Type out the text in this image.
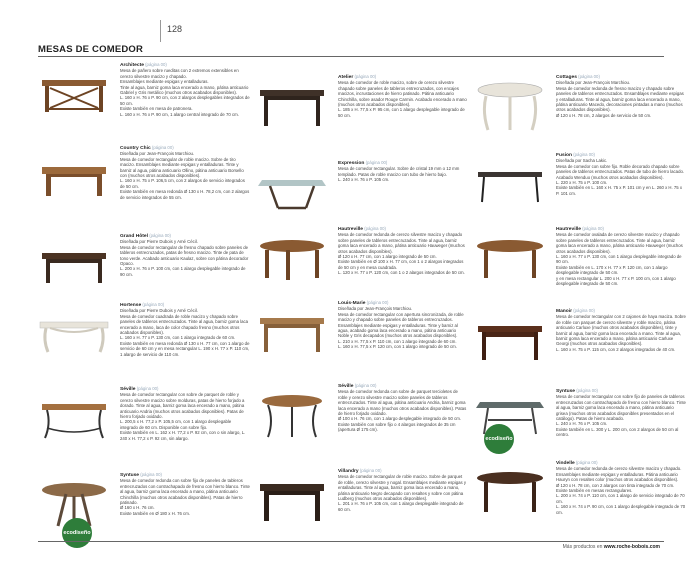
128
MESAS DE COMEDOR
Architecte (página 00)
Mesa de pañero sobre rueditas con 2 extremos extensibles en cerezo silvestre macizo y chapado.
Ensamblajes mediante espigas y entalladuras.
Tinte al agua, barniz goma laca encerado a mano, pátina anticuario Gabriel y Gris metálico (muchos otros acabados disponibles).
L. 160 x H. 76 x P. 90 cm, con 2 alargos desplegables integrados de 50 cm.
Existe también en mesa de patronera.
L. 160 x H. 76 x P. 90 cm, 1 alargo central integrado de 70 cm.
Country Chic (página 00)
Diseñada por Jean-François Marchiou.
Mesa de comedor rectangular de roble macizo. Sobre de tiro macizo. Ensamblajes mediante espigas y entalladuras. Tinte y barniz al agua, pátina anticuario Ollino, pátina anticuario Borsello con (muchos otros acabados disponibles).
L. 160 x H. 75 x P. 106,5 cm, con 2 alargos de servicio integrados de 50 cm.
Existe también en mesa redonda Ø 130 x H. 78,2 cm, con 2 alargos de servicio integrados de 55 cm.
Grand Hôtel (página 00)
Diseñada por Pierre Dubois y Amé Cécil.
Mesa de comedor rectangular de fresno chapado sobre paneles de tableros entrecruzados, patas de fresno macizo. Tinte de pata de tono verde. Acabado anticuario Kaulaz, sobre con pátina decorador Opaco.
L. 200 x H. 76 x P. 100 cm, con 1 alargo desplegable integrado de 90 cm.
Hortense (página 00)
Diseñada por Pierre Dubois y Amé Cécil.
Mesa de comedor cuadrada de roble macizo y chapado sobre paneles de tableros entrecruzados. Tinte al agua, barniz goma laca encerado a mano, laca de color chapado fresno (muchos otros acabados disponibles).
L. 160 x H. 77 x P. 130 cm, con 1 alargo integrado de 60 cm.
Existe también en mesa redonda Ø 130 x H. 77 cm, con 1 alargo de servicio de 60 cm y en mesa rectangular L. 190 x H. 77 x P. 110 cm, 1 alargo de servicio de 110 cm.
Séville (página 00)
Mesa de comedor rectangular con sobre de parquet de roble y cerezo silvestre macizo sobre molduras, patas de hierro forjado a dorado. Tinte al agua, barniz goma laca encerado a mano, pátina anticuario Andria (muchos otros acabados disponibles). Patas de hierro forjado oxidado.
L. 200,5 x H. 77,2 x P. 105,5 cm, con 1 alargo desplegable integrado de 60 cm. Disponible con sobre fijo.
Existe también en L. 162 x H. 77,2 x P. 92 cm, con o sin alargo, L. 240 x H. 77,2 x P. 92 cm, sin alargo.
Syntuse (página 00)
Mesa de comedor redonda con sobre fijo de paneles de tableros entrecruzados con contrachapado de fresno con hierro blanco. Tinte al agua, barniz goma laca encerado a mano, pátina anticuario Chinchilla (muchos otros acabados disponibles). Patas de hierro patinado.
Ø 160 x H. 76 cm.
Existe también en Ø 180 x H. 76 cm.
ecodiseño
Atelier (página 00)
Mesa de comedor de roble macizo, sobre de cerezo silvestre chapado sobre paneles de tableros entrecruzados, con encajes macizos, incrustaciones de hierro patinado. Pátina anticuario Chinchilla, sobre asador Rouge Carmin. Acabado encerado a mano (muchos otros acabados disponibles).
L. 185 x H. 77,5 x P. 95 cm, con 1 alargo desplegable integrado de 50 cm.
Expression (página 00)
Mesa de comedor rectangular. Sobre de cristal 19 mm o 12 mm templado. Patas de roble macizo con tubo de hierro bajo.
L. 240 x H. 76 x P. 105 cm.
Hautreville (página 00)
Mesa de comedor redonda de cerezo silvestre macizo y chapado sobre paneles de tableros entrecruzados. Tinte al agua, barniz goma laca encerado a mano, pátina anticuario Hauweger (muchos otros acabados disponibles).
Ø 120 x H. 77 cm, con 1 alargo integrado de 50 cm.
Existe también en Ø 100 x H. 77 cm, con 1 o 2 alargos integrados de 50 cm y en mesa cuadrada.
L. 120 x H. 77 x P. 120 cm, con 1 o 2 alargos integrados de 50 cm.
Louis-Marie (página 00)
Diseñada por Jean-François Marchiou.
Mesa de comedor rectangular con apertura sincronizada, de roble macizo y chapado sobre paneles de tableros entrecruzados. Ensamblajes mediante espigas y entalladuras. Tinte y barniz al agua, acabado goma laca encerado a mano, pátina anticuario Noble y Gris decapados (muchos otros acabados disponibles).
L. 210 x H. 77,5 x P. 110 cm, con 1 alargo integrado de 60 cm.
L. 160 x H. 77,5 x P. 120 cm, con 1 alargo integrado de 50 cm.
Séville (página 00)
Mesa de comedor redonda con sobre de parquet tercioletes de roble y cerezo silvestre macizo sobre paneles de tableros entrecruzados. Tinte al agua, pátina anticuario Andria, barniz goma laca encerado a mano (muchos otros acabados disponibles). Patas de hierro forjado oxidado.
Ø 100 x H. 76 cm, con 1 alargo desplegable integrado de 50 cm.
Existe también con sobre fijo o 4 alargos integrados de 35 cm (apertura Ø 175 cm).
Villandry (página 00)
Mesa de comedor rectangular de roble macizo. Sobre de parquet de roble, cerezo silvestre y nogal. Ensamblajes mediante espigas y entalladuras. Tinte al agua, barniz goma laca encerado a mano, pátina anticuario Negro decapado con resaltes y sobre con pátina Ludberg (muchos otros acabados disponibles).
L. 201 x H. 76 x P. 105 cm, con 1 alargo desplegable integrado de 60 cm.
Cottages (página 00)
Diseñada por Jean-François Marchiou.
Mesa de comedor redonda de fresno macizo y chapado sobre paneles de tableros entrecruzados. Ensamblajes mediante espigas y entalladuras. Tinte al agua, barniz goma laca encerado a mano, pátina anticuario Macedo, decoraciones pintadas a mano (muchos otros acabados disponibles).
Ø 120 x H. 78 cm, 2 alargos de servicio de 50 cm.
Fusion (página 00)
Diseñada por Sacha Lakic.
Mesa de comedor con sobre fijo. Roble decorado chapado sobre paneles de tableros entrecruzados. Patas de tubo de hierro lacado. Acabado Wenduo (muchos otros acabados disponibles).
L. 220 x H. 75 x P. 100 cm.
Existe también en L. 160 x H. 75 x P. 101 cm y en L. 260 x H. 75 x P. 101 cm.
Hautreville (página 00)
Mesa de comedor ovalada de cerezo silvestre macizo y chapado sobre paneles de tableros entrecruzados. Tinte al agua, barniz goma laca encerado a mano, pátina anticuario Hauweger (muchos otros acabados disponibles).
L. 160 x H. 77 x P. 130 cm, con 1 alargo desplegable integrado de 90 cm.
Existe también en L. 170 x H. 77 x P. 120 cm, con 1 alargo desplegable integrado de 50 cm.
y en mesa rectangular L. 200 x H. 77 x P. 100 cm, con 1 alargo desplegable integrado de 50 cm.
Manoir (página 00)
Mesa de comedor rectangular con 2 cajones de haya maciza. Sobre de roble con parquet de cerezo silvestre y roble macizo, pátina anticuario Carluxe (muchos otros acabados disponibles), tinte y barniz al agua, barniz goma laca encerado a mano. Tinte al agua, barniz goma laca encerado a mano, pátina anticuario Carluxe Georgi (muchos otros acabados disponibles).
L. 160 x H. 75 x P. 115 cm, con 2 alargos integrados de 40 cm.
Syntuse (página 00)
Mesa de comedor rectangular con sobre fijo de paneles de tableros entrecruzados con contrachapado de fresno con hierro blanco. Tinte al agua, barniz goma laca encerado a mano, pátina anticuario grisea (muchos otros acabados disponibles presentados en el catálogo). Patas de hierro acabado.
L. 240 x H. 76 x P. 105 cm.
Existe también en L. 300 y L. 200 cm, con 2 alargos de 50 cm al centro.
ecodiseño
Vindelle (página 00)
Mesa de comedor redonda de cerezo silvestre macizo y chapado. Ensamblajes mediante espigas y entalladuras. Pátina anticuario Hauryn con resaltes color (muchos otros acabados disponibles).
Ø 120 x H. 78 cm, con 2 alargos con tinta integrado de 70 cm.
Existe también en mesas rectangulares.
L. 200 x H. 74 x P. 110 cm, con 1 alargo de servicio integrado de 70 cm.
L. 160 x H. 74 x P. 90 cm, con 1 alargo desplegable integrado de 70 cm.
Más productos en www.roche-bobois.com
